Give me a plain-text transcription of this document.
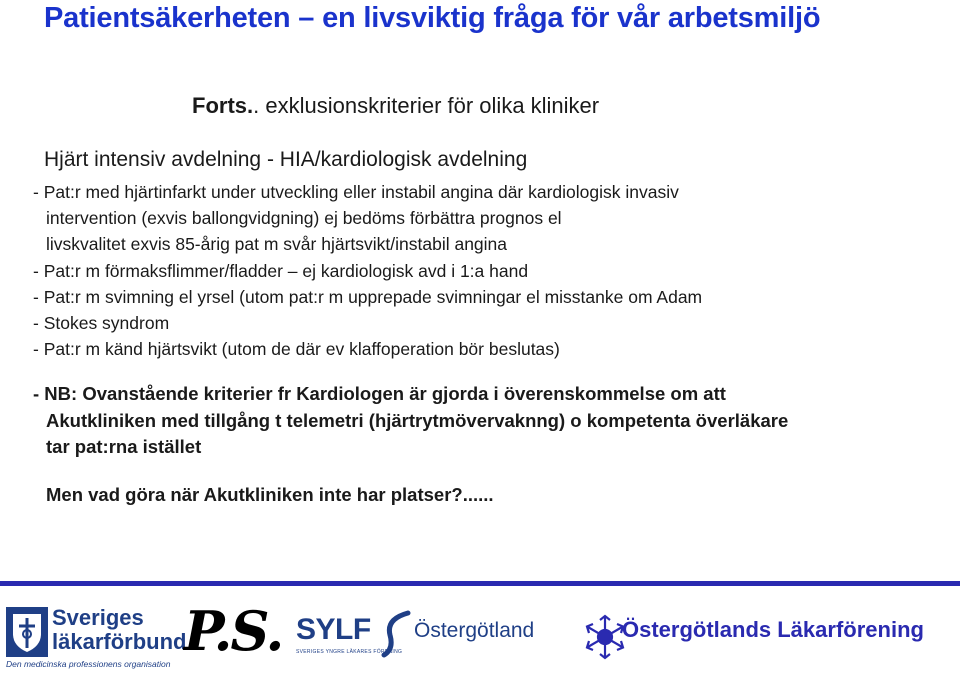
Patientsäkerheten – en livsviktig fråga för vår arbetsmiljö
Forts.. exklusionskriterier för olika kliniker
Hjärt intensiv avdelning - HIA/kardiologisk avdelning
- Pat:r med hjärtinfarkt under utveckling eller instabil angina där kardiologisk invasiv
intervention (exvis ballongvidgning) ej bedöms förbättra prognos el
livskvalitet exvis 85-årig pat m svår hjärtsvikt/instabil angina
- Pat:r m förmaksflimmer/fladder – ej kardiologisk avd i 1:a hand
- Pat:r m svimning el yrsel (utom pat:r m upprepade svimningar el misstanke om Adam
- Stokes syndrom
- Pat:r m känd hjärtsvikt (utom de där ev klaffoperation bör beslutas)
- NB: Ovanstående kriterier fr Kardiologen är gjorda i överenskommelse om att
Akutkliniken med tillgång t telemetri (hjärtrytmövervaknng) o kompetenta överläkare
tar pat:rna istället
Men vad göra när Akutkliniken inte har platser?......
Sveriges
läkarförbund
Den medicinska professionens organisation
P.S. SYLF Östergötland
SVERIGES YNGRE LÄKARES FÖRENING
Östergötlands Läkarförening
